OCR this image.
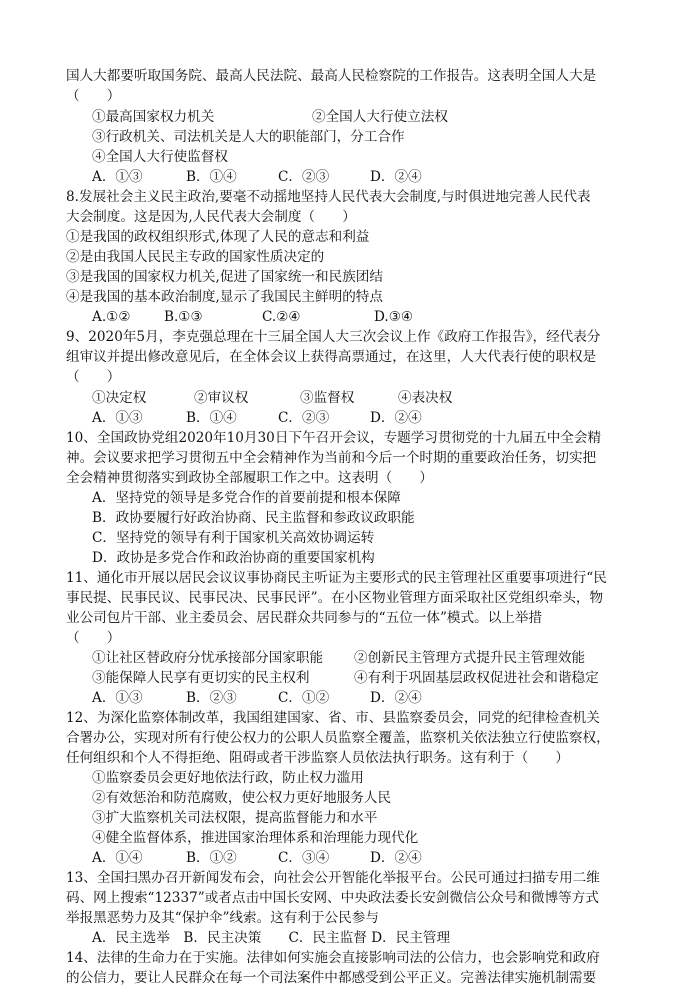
国人大都要听取国务院、最高人民法院、最高人民检察院的工作报告。这表明全国人大是
（　　）
①最高国家权力机关	②全国人大行使立法权
③行政机关、司法机关是人大的职能部门，分工合作
④全国人大行使监督权
A．①③	B．①④	C．②③	D．②④
8.发展社会主义民主政治,要毫不动摇地坚持人民代表大会制度,与时俱进地完善人民代表
大会制度。这是因为,人民代表大会制度（　　）
①是我国的政权组织形式,体现了人民的意志和利益
②是由我国人民民主专政的国家性质决定的
③是我国的国家权力机关,促进了国家统一和民族团结
④是我国的基本政治制度,显示了我国民主鲜明的特点
A.①② B.①③	C.②④	D.③④
9、2020年5月，李克强总理在十三届全国人大三次会议上作《政府工作报告》，经代表分
组审议并提出修改意见后，在全体会议上获得高票通过，在这里，人大代表行使的职权是
（　　）
①决定权	②审议权	③监督权	④表决权
A．①③	B．①④	C．②③	D．②④
10、全国政协党组2020年10月30日下午召开会议，专题学习贯彻党的十九届五中全会精
神。会议要求把学习贯彻五中全会精神作为当前和今后一个时期的重要政治任务，切实把
全会精神贯彻落实到政协全部履职工作之中。这表明（　　）
A．坚持党的领导是多党合作的首要前提和根本保障
B．政协要履行好政治协商、民主监督和参政议政职能
C．坚持党的领导有利于国家机关高效协调运转
D．政协是多党合作和政治协商的重要国家机构
11、通化市开展以居民会议议事协商民主听证为主要形式的民主管理社区重要事项进行“民
事民提、民事民议、民事民决、民事民评”。在小区物业管理方面采取社区党组织牵头，物
业公司包片干部、业主委员会、居民群众共同参与的“五位一体”模式。以上举措
（　　）
①让社区替政府分忧承接部分国家职能 ②创新民主管理方式提升民主管理效能
③能保障人民享有更切实的民主权利	④有利于巩固基层政权促进社会和谐稳定
A．①③	B．②③	C．①②	D．②④
12、为深化监察体制改革，我国组建国家、省、市、县监察委员会，同党的纪律检查机关
合署办公，实现对所有行使公权力的公职人员监察全覆盖，监察机关依法独立行使监察权，
任何组织和个人不得拒绝、阻碍或者干涉监察人员依法执行职务。这有利于（　　）
①监察委员会更好地依法行政，防止权力滥用
②有效惩治和防范腐败，使公权力更好地服务人民
③扩大监察机关司法权限，提高监督能力和水平
④健全监督体系，推进国家治理体系和治理能力现代化
A．①④	B．①②	C．③④	D．②④
13、全国扫黑办召开新闻发布会，向社会公开智能化举报平台。公民可通过扫描专用二维
码、网上搜索“12337”或者点击中国长安网、中央政法委长安剑微信公众号和微博等方式
举报黑恶势力及其“保护伞”线索。这有利于公民参与
A．民主选举　B．民主决策　　C．民主监督 D．民主管理
14、法律的生命力在于实施。法律如何实施会直接影响司法的公信力，也会影响党和政府
的公信力，要让人民群众在每一个司法案件中都感受到公平正义。完善法律实施机制需要
